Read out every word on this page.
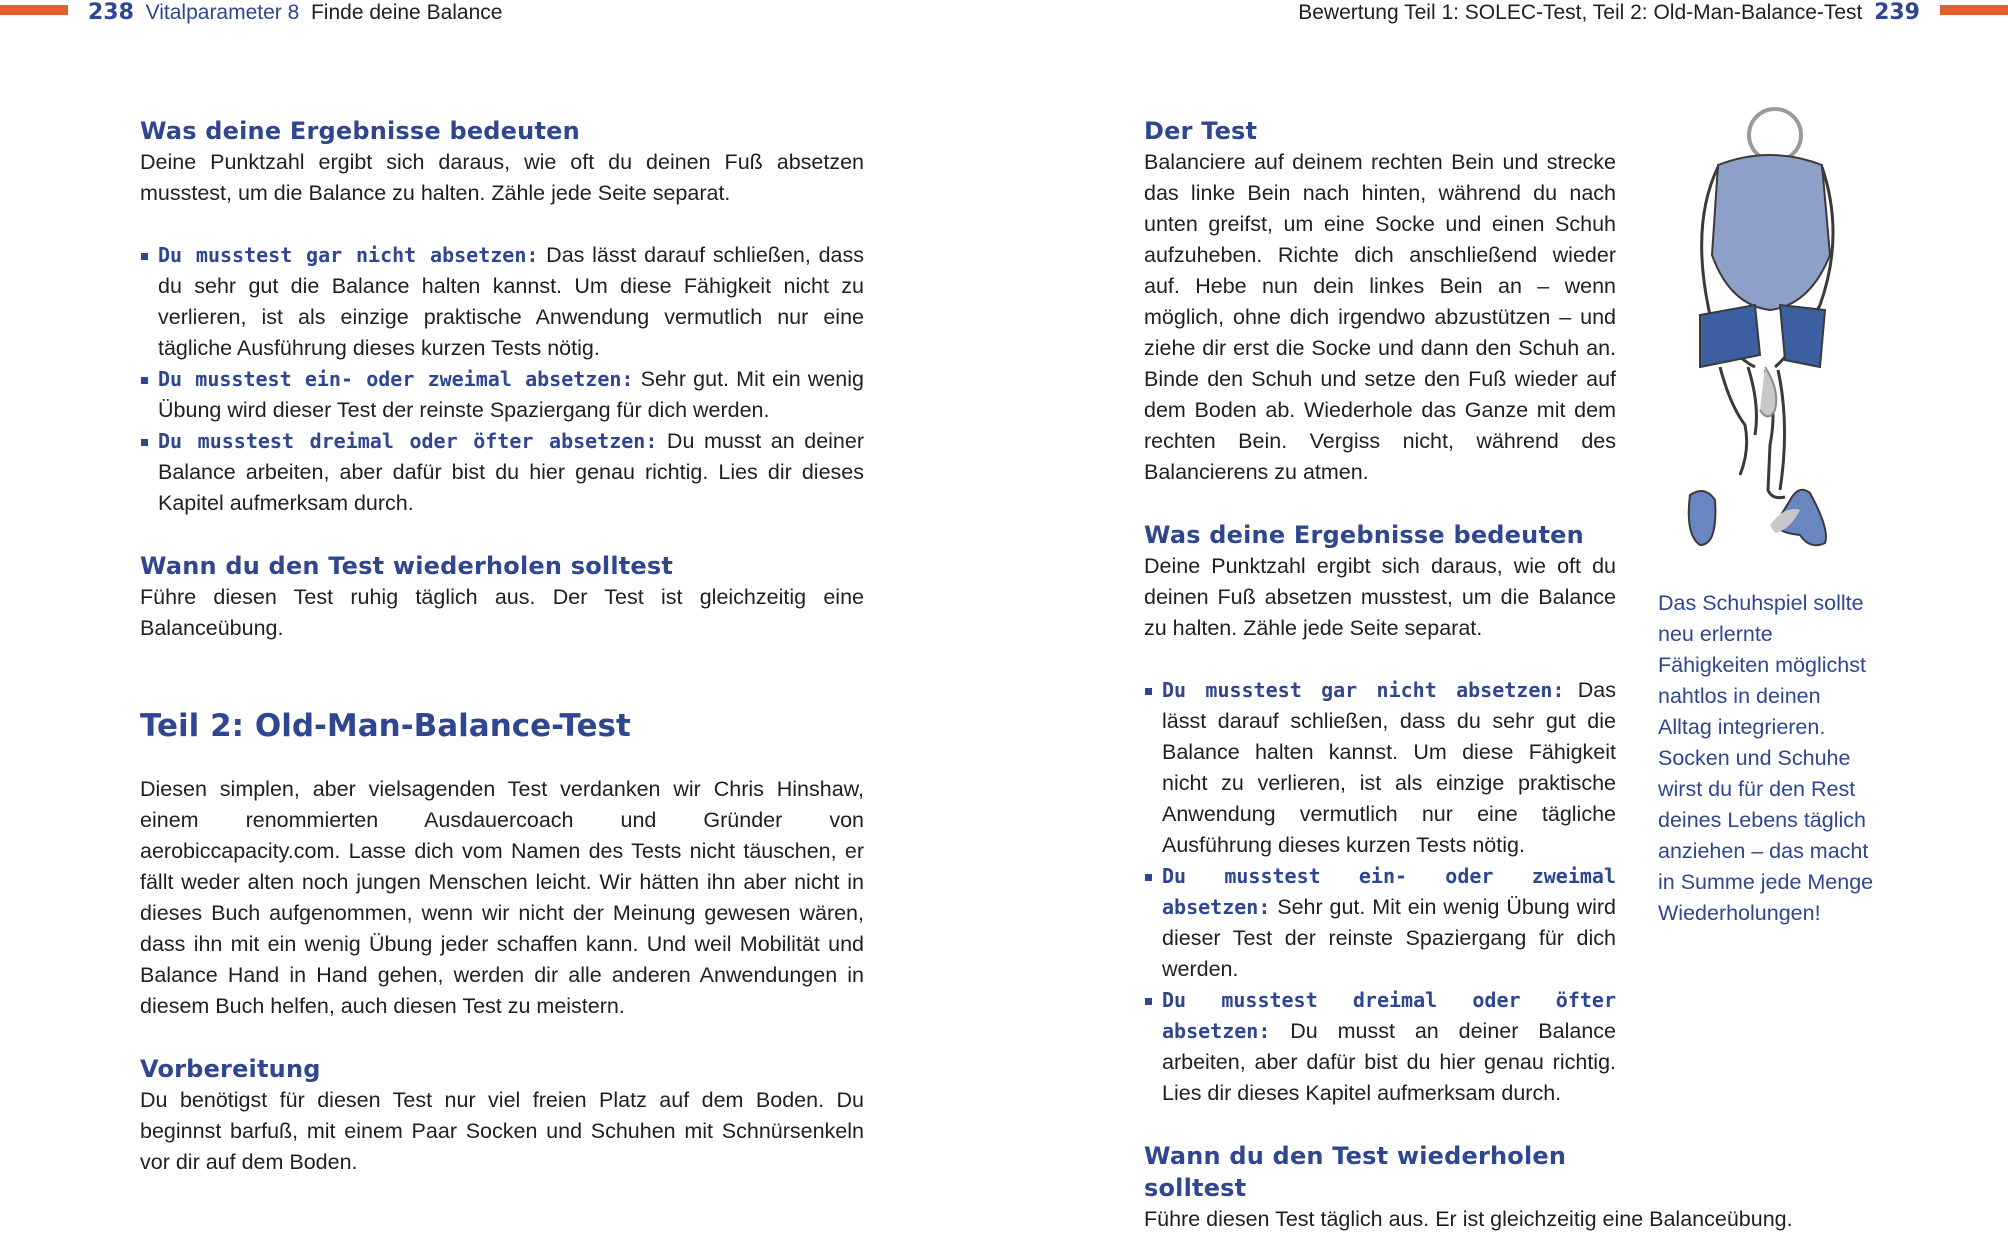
238 Vitalparameter 8 Finde deine Balance	Bewertung Teil 1: SOLEC-Test, Teil 2: Old-Man-Balance-Test 239
Was deine Ergebnisse bedeuten

Deine Punktzahl ergibt sich daraus, wie oft du deinen Fuß absetzen musstest, um die Balance zu halten. Zähle jede Seite separat.

Du musstest gar nicht absetzen: Das lässt darauf schließen, dass du sehr gut die Balance halten kannst. Um diese Fähigkeit nicht zu verlieren, ist als einzige praktische Anwendung vermutlich nur eine tägliche Ausführung dieses kurzen Tests nötig.
Du musstest ein- oder zweimal absetzen: Sehr gut. Mit ein wenig Übung wird dieser Test der reinste Spaziergang für dich werden.
Du musstest dreimal oder öfter absetzen: Du musst an deiner Balance arbeiten, aber dafür bist du hier genau richtig. Lies dir dieses Kapitel aufmerksam durch.
Wann du den Test wiederholen solltest

Führe diesen Test ruhig täglich aus. Der Test ist gleichzeitig eine Balanceübung.

Teil 2: Old-Man-Balance-Test

Diesen simplen, aber vielsagenden Test verdanken wir Chris Hinshaw, einem renommierten Ausdauercoach und Gründer von aerobiccapacity.com. Lasse dich vom Namen des Tests nicht täuschen, er fällt weder alten noch jungen Menschen leicht. Wir hätten ihn aber nicht in dieses Buch aufgenommen, wenn wir nicht der Meinung gewesen wären, dass ihn mit ein wenig Übung jeder schaffen kann. Und weil Mobilität und Balance Hand in Hand gehen, werden dir alle anderen Anwendungen in diesem Buch helfen, auch diesen Test zu meistern.

Vorbereitung

Du benötigst für diesen Test nur viel freien Platz auf dem Boden. Du beginnst barfuß, mit einem Paar Socken und Schuhen mit Schnürsenkeln vor dir auf dem Boden.

Der Test

Balanciere auf deinem rechten Bein und strecke das linke Bein nach hinten, während du nach unten greifst, um eine Socke und einen Schuh aufzuheben. Richte dich anschließend wieder auf. Hebe nun dein linkes Bein an – wenn möglich, ohne dich irgendwo abzustützen – und ziehe dir erst die Socke und dann den Schuh an. Binde den Schuh und setze den Fuß wieder auf dem Boden ab. Wiederhole das Ganze mit dem rechten Bein. Vergiss nicht, während des Balancierens zu atmen.

Was deine Ergebnisse bedeuten

Deine Punktzahl ergibt sich daraus, wie oft du deinen Fuß absetzen musstest, um die Balance zu halten. Zähle jede Seite separat.

Du musstest gar nicht absetzen: Das lässt darauf schließen, dass du sehr gut die Balance halten kannst. Um diese Fähigkeit nicht zu verlieren, ist als einzige praktische Anwendung vermutlich nur eine tägliche Ausführung dieses kurzen Tests nötig.
Du musstest ein- oder zweimal absetzen: Sehr gut. Mit ein wenig Übung wird dieser Test der reinste Spaziergang für dich werden.
Du musstest dreimal oder öfter absetzen: Du musst an deiner Balance arbeiten, aber dafür bist du hier genau richtig. Lies dir dieses Kapitel aufmerksam durch.
Wann du den Test wiederholen solltest

Führe diesen Test täglich aus. Er ist gleichzeitig eine Balanceübung.

Das Schuhspiel sollte neu erlernte Fähigkeiten möglichst nahtlos in deinen Alltag integrieren. Socken und Schuhe wirst du für den Rest deines Lebens täglich anziehen – das macht in Summe jede Menge Wiederholungen!
